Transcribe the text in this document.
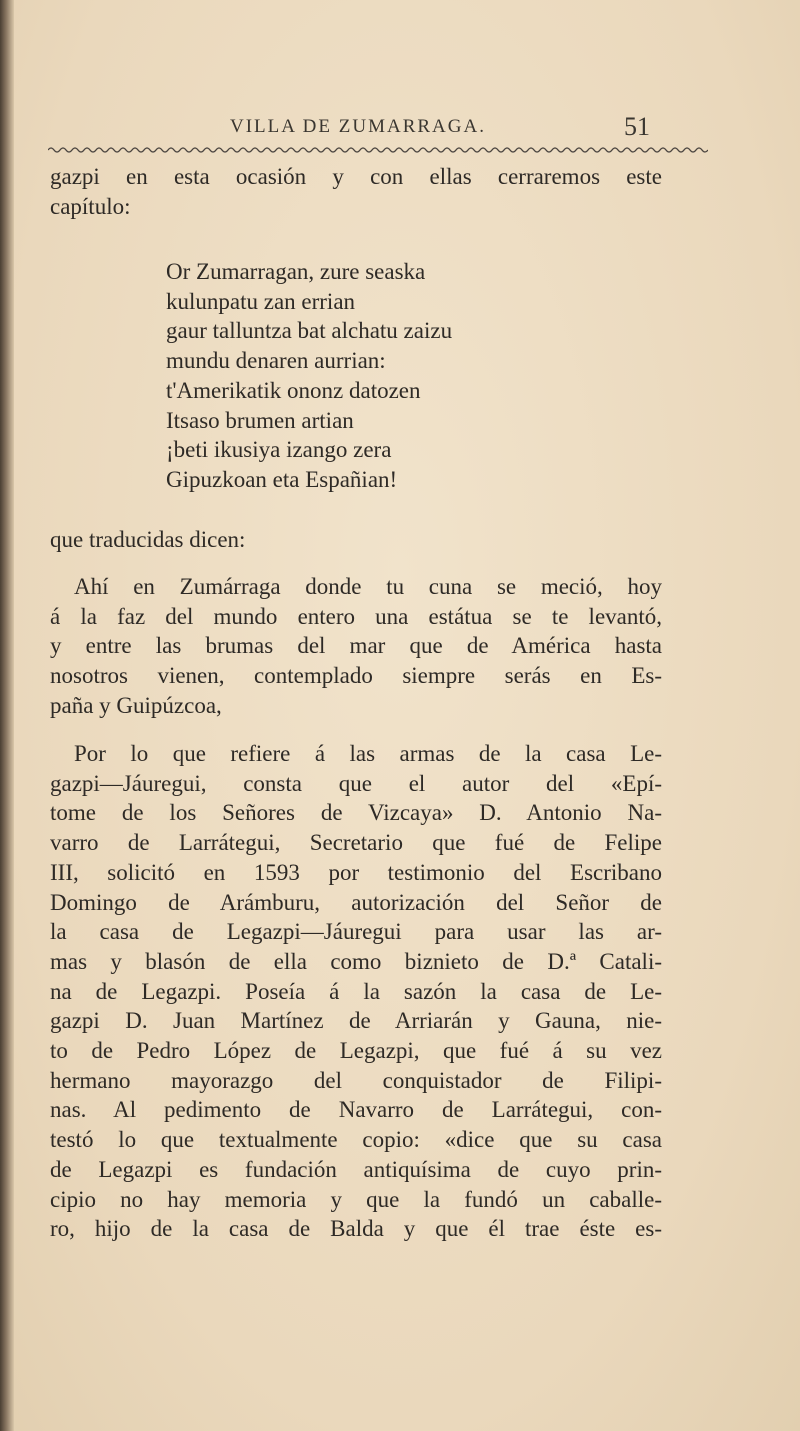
VILLA DE ZUMARRAGA.	51
gazpi en esta ocasión y con ellas cerraremos este
capítulo:
Or Zumarragan, zure seaska
kulunpatu zan errian
gaur talluntza bat alchatu zaizu
mundu denaren aurrian:
t'Amerikatik ononz datozen
Itsaso brumen artian
¡beti ikusiya izango zera
Gipuzkoan eta Españian!
que traducidas dicen:
Ahí en Zumárraga donde tu cuna se meció, hoy
á la faz del mundo entero una estátua se te levantó,
y entre las brumas del mar que de América hasta
nosotros vienen, contemplado siempre serás en Es-
paña y Guipúzcoa,
Por lo que refiere á las armas de la casa Le-
gazpi—Jáuregui, consta que el autor del «Epí-
tome de los Señores de Vizcaya» D. Antonio Na-
varro de Larrátegui, Secretario que fué de Felipe
III, solicitó en 1593 por testimonio del Escribano
Domingo de Arámburu, autorización del Señor de
la casa de Legazpi—Jáuregui para usar las ar-
mas y blasón de ella como biznieto de D.ª Catali-
na de Legazpi. Poseía á la sazón la casa de Le-
gazpi D. Juan Martínez de Arriarán y Gauna, nie-
to de Pedro López de Legazpi, que fué á su vez
hermano mayorazgo del conquistador de Filipi-
nas. Al pedimento de Navarro de Larrátegui, con-
testó lo que textualmente copio: «dice que su casa
de Legazpi es fundación antiquísima de cuyo prin-
cipio no hay memoria y que la fundó un caballe-
ro, hijo de la casa de Balda y que él trae éste es-
